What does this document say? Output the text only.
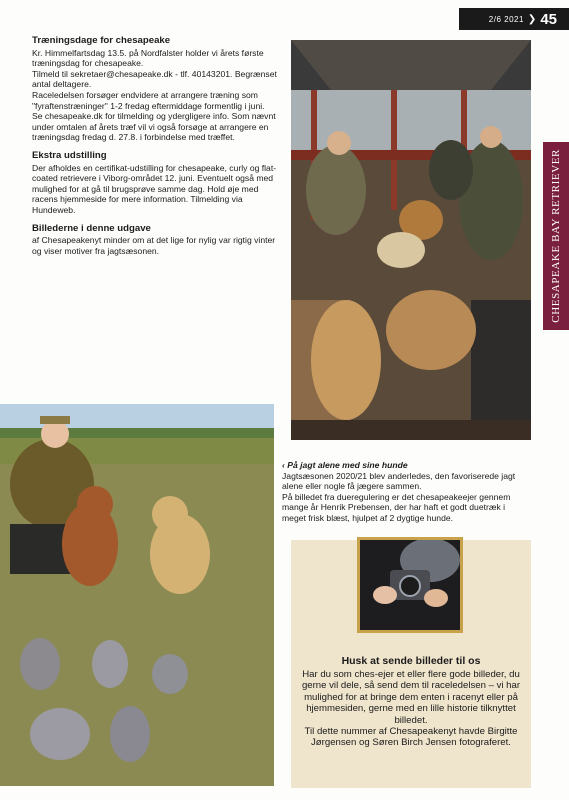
2/6 2021 ❯ 45
CHESAPEAKE BAY RETRIEVER
Træningsdage for chesapeake

Kr. Himmelfartsdag 13.5. på Nordfalster holder vi årets første træningsdag for chesapeake.

Tilmeld til sekretaer@chesapeake.dk - tlf. 40143201. Begrænset antal deltagere.

Raceledelsen forsøger endvidere at arrangere træning som "fyraftenstræninger" 1-2 fredag eftermiddage formentlig i juni.

Se chesapeake.dk for tilmelding og ydergligere info. Som nævnt under omtalen af årets træf vil vi også forsøge at arrangere en træningsdag fredag d. 27.8. i forbindelse med træffet.

Ekstra udstilling

Der afholdes en certifikat-udstilling for chesapeake, curly og flat-coated retrievere i Viborg-området 12. juni. Eventuelt også med mulighed for at gå til brugsprøve samme dag. Hold øje med racens hjemmeside for mere information. Tilmelding via Hundeweb.

Billederne i denne udgave

af Chesapeakenyt minder om at det lige for nylig var rigtig vinter og viser motiver fra jagtsæsonen.

‹ På jagt alene med sine hunde

Jagtsæsonen 2020/21 blev anderledes, den favoriserede jagt alene eller nogle få jægere sammen.

På billedet fra dueregulering er det chesapeakeejer gennem mange år Henrik Prebensen, der har haft et godt duetræk i meget frisk blæst, hjulpet af 2 dygtige hunde.

Husk at sende billeder til os
Har du som ches-ejer et eller flere gode billeder, du gerne vil dele, så send dem til raceledelsen – vi har mulighed for at bringe dem enten i racenyt eller på hjemmesiden, gerne med en lille historie tilknyttet billedet.
Til dette nummer af Chesapeakenyt havde Birgitte Jørgensen og Søren Birch Jensen fotograferet.
